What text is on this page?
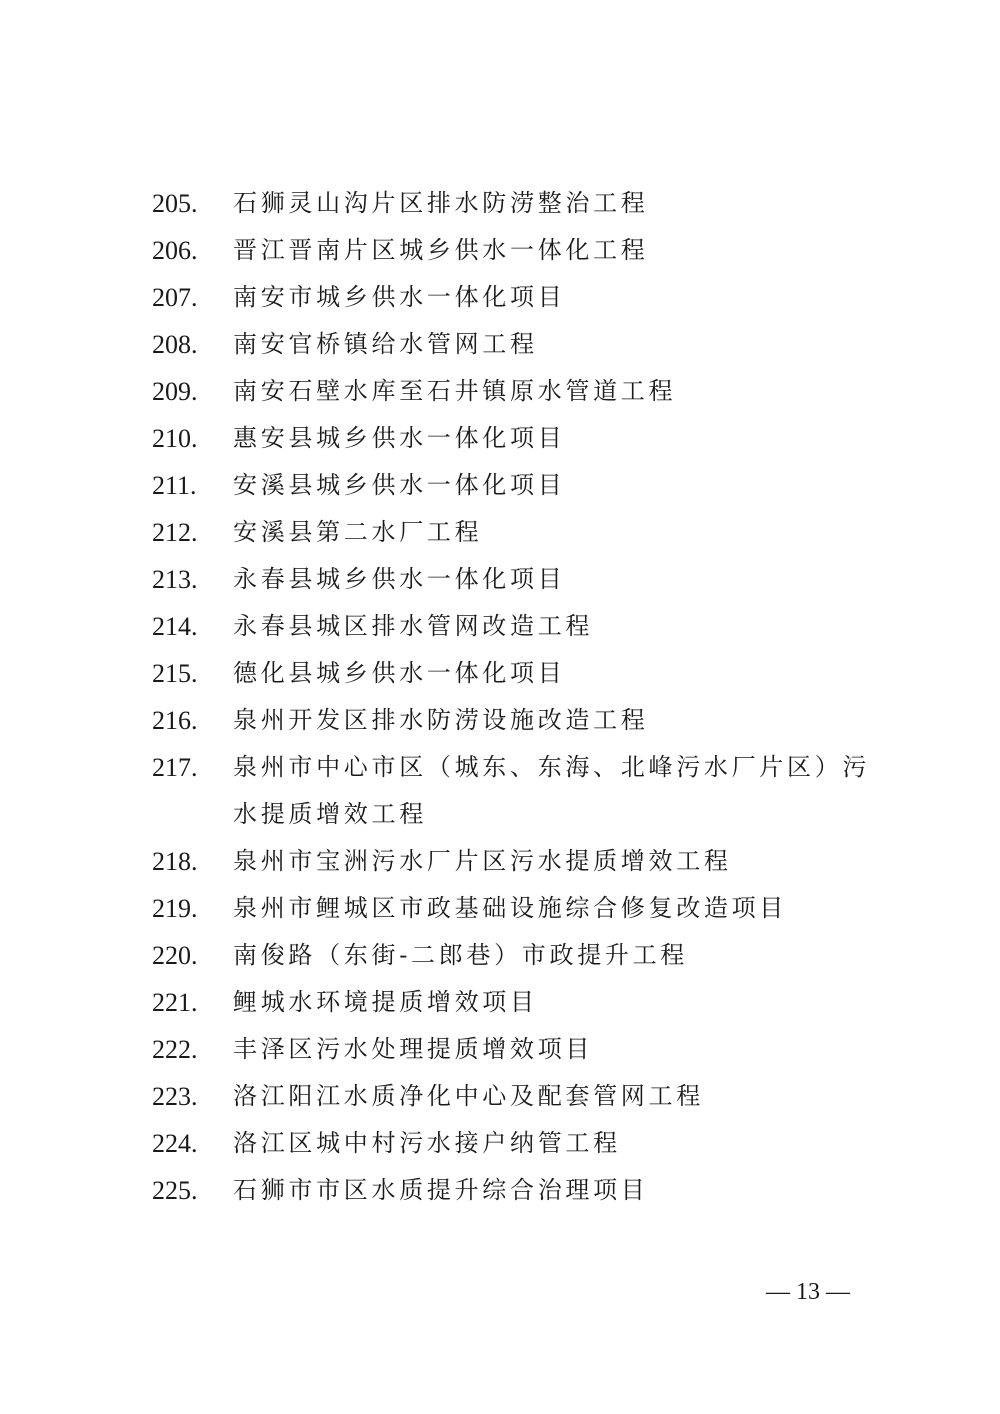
205.	石狮灵山沟片区排水防涝整治工程
206.	晋江晋南片区城乡供水一体化工程
207.	南安市城乡供水一体化项目
208.	南安官桥镇给水管网工程
209.	南安石壁水库至石井镇原水管道工程
210.	惠安县城乡供水一体化项目
211.	安溪县城乡供水一体化项目
212.	安溪县第二水厂工程
213.	永春县城乡供水一体化项目
214.	永春县城区排水管网改造工程
215.	德化县城乡供水一体化项目
216.	泉州开发区排水防涝设施改造工程
217.	泉州市中心市区（城东、东海、北峰污水厂片区）污水提质增效工程
218.	泉州市宝洲污水厂片区污水提质增效工程
219.	泉州市鲤城区市政基础设施综合修复改造项目
220.	南俊路（东街-二郎巷）市政提升工程
221.	鲤城水环境提质增效项目
222.	丰泽区污水处理提质增效项目
223.	洛江阳江水质净化中心及配套管网工程
224.	洛江区城中村污水接户纳管工程
225.	石狮市市区水质提升综合治理项目
— 13 —
